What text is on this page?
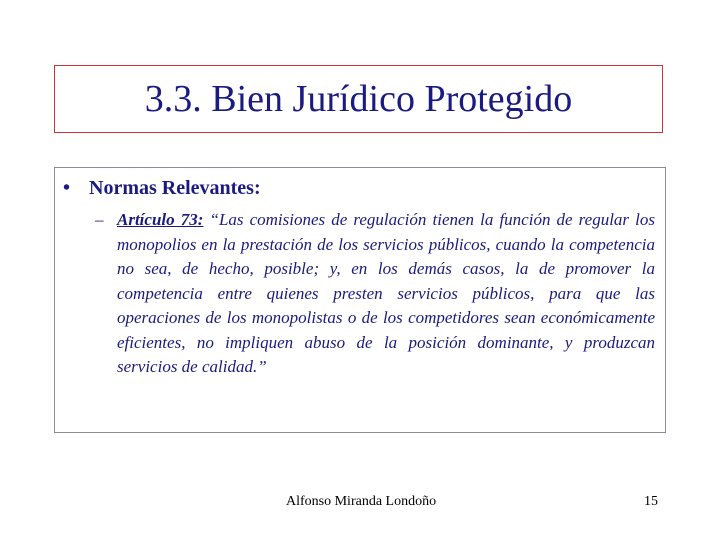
3.3. Bien Jurídico Protegido
• Normas Relevantes:
– Artículo 73: “Las comisiones de regulación tienen la función de regular los monopolios en la prestación de los servicios públicos, cuando la competencia no sea, de hecho, posible; y, en los demás casos, la de promover la competencia entre quienes presten servicios públicos, para que las operaciones de los monopolistas o de los competidores sean económicamente eficientes, no impliquen abuso de la posición dominante, y produzcan servicios de calidad.”

Alfonso Miranda Londoño	15
